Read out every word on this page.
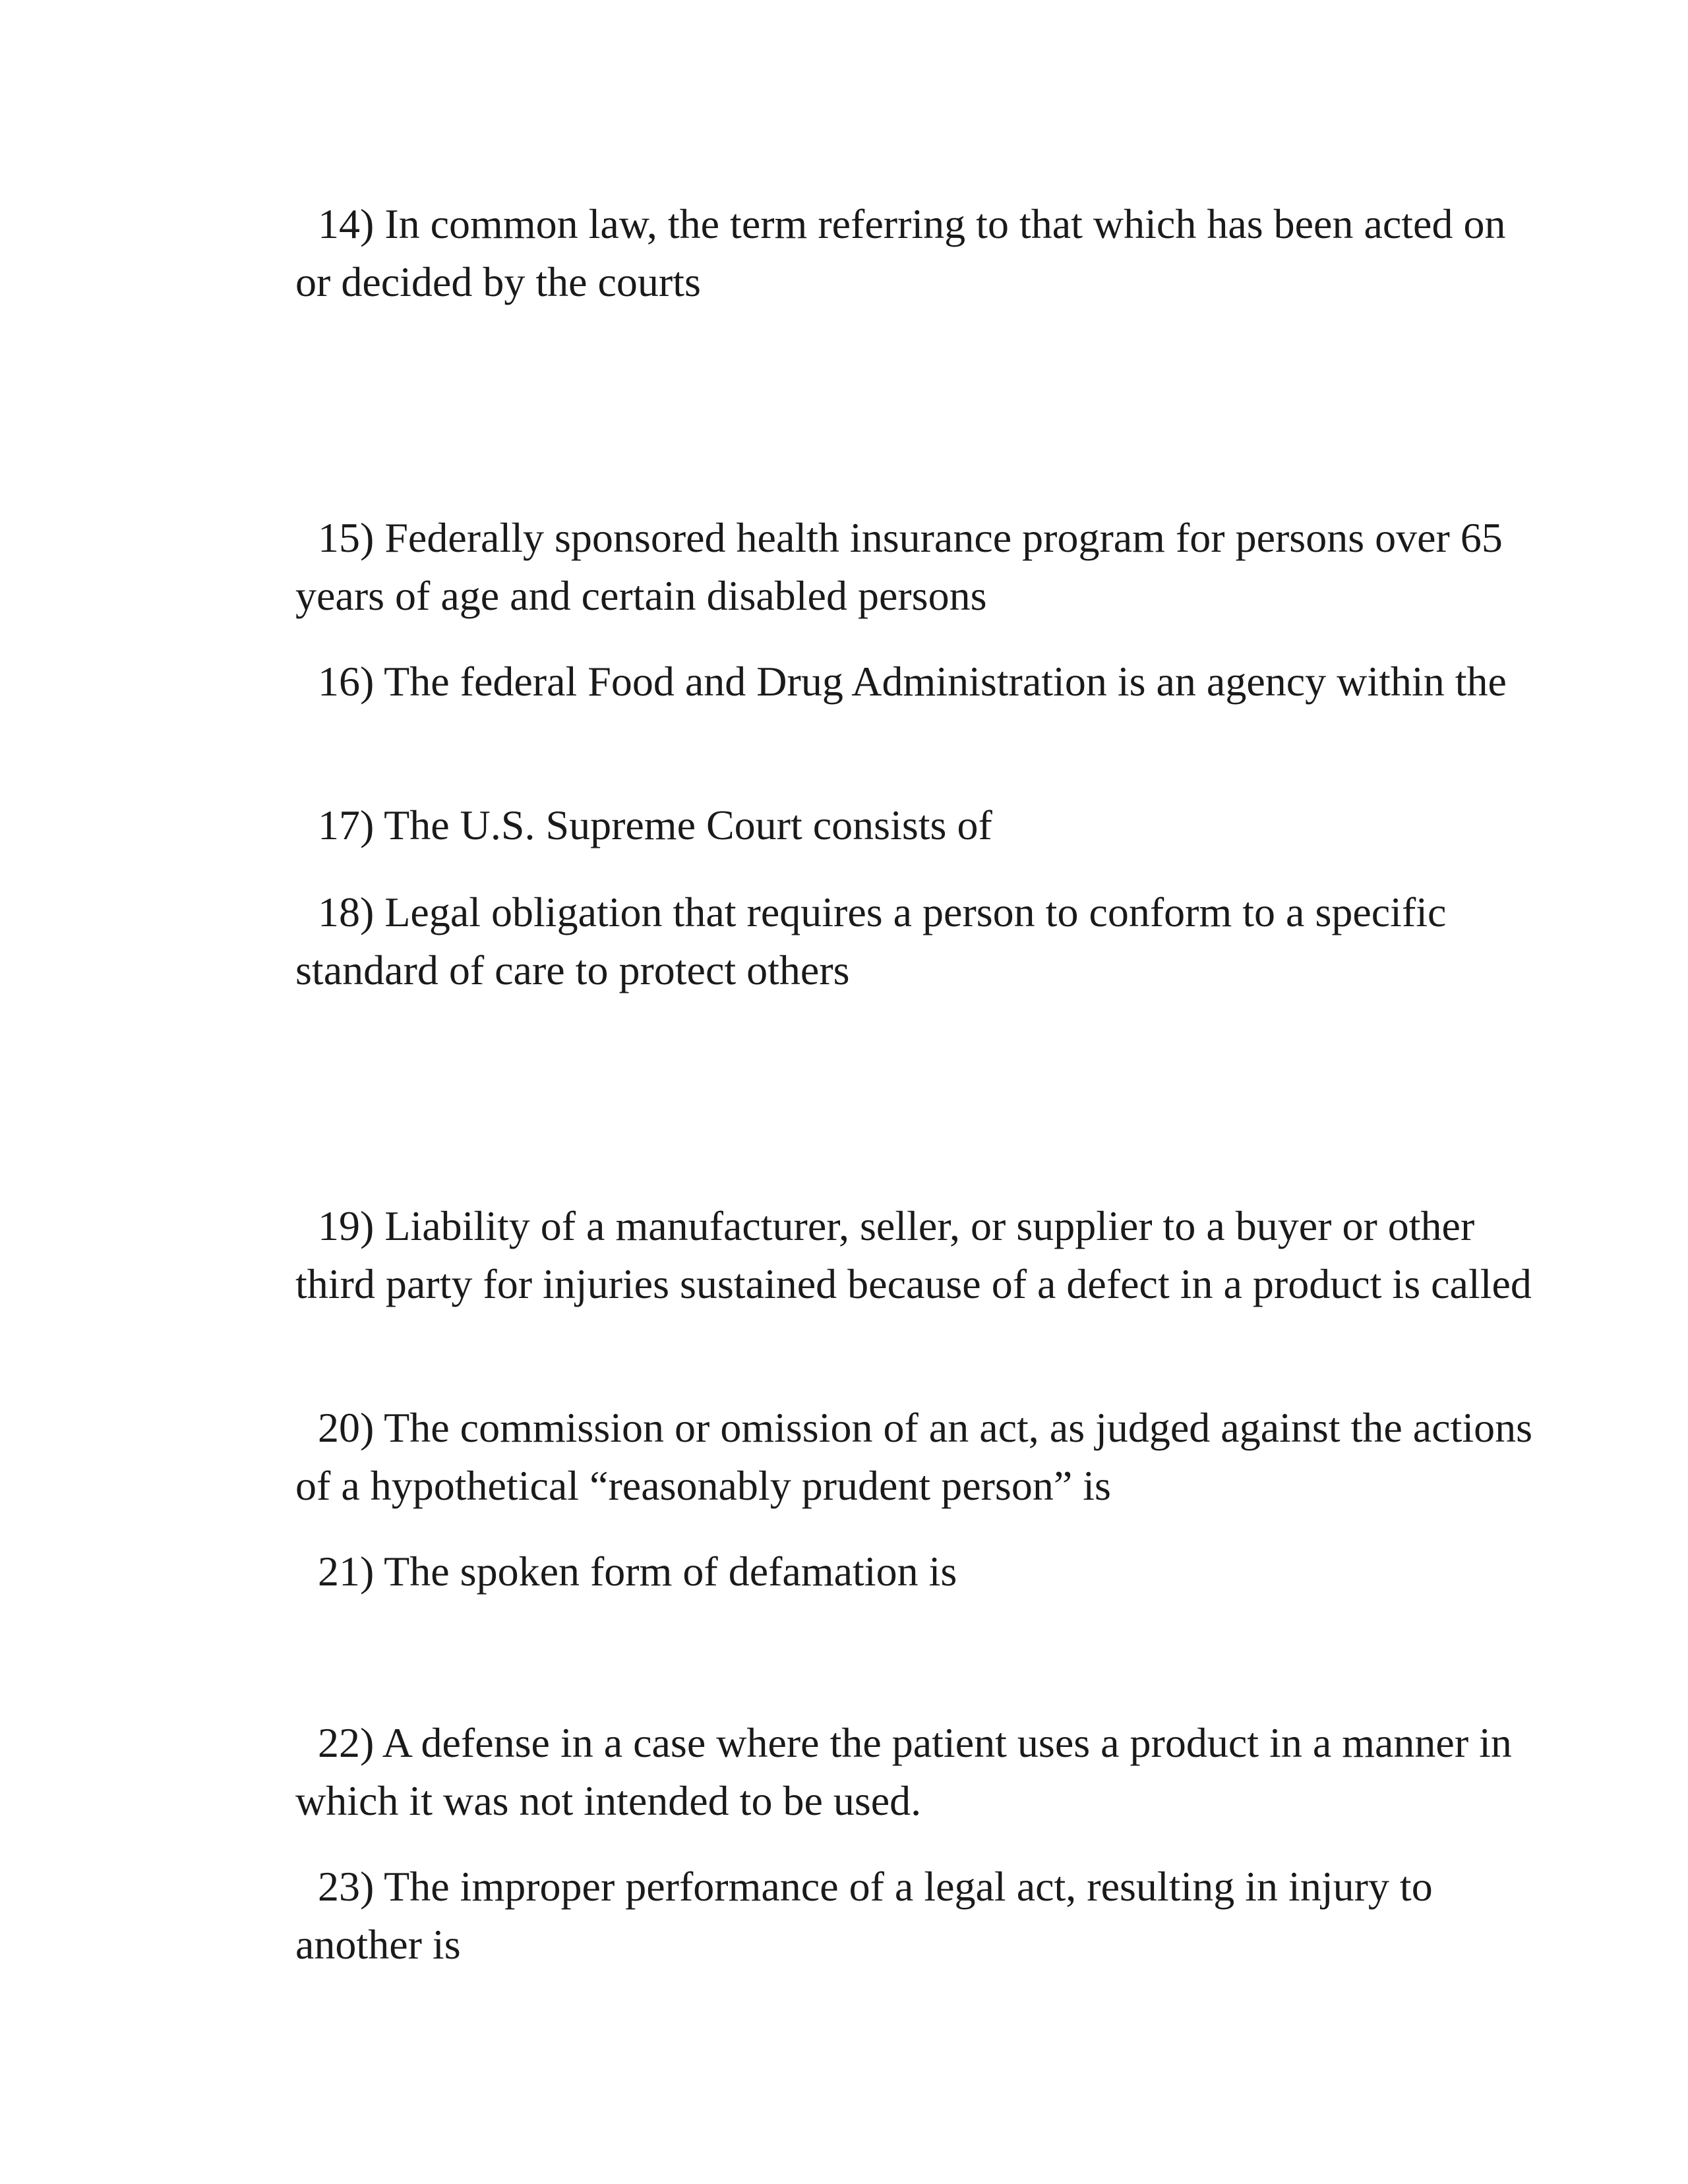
14) In common law, the term referring to that which has been acted on or decided by the courts

15) Federally sponsored health insurance program for persons over 65 years of age and certain disabled persons

16) The federal Food and Drug Administration is an agency within the

17) The U.S. Supreme Court consists of

18) Legal obligation that requires a person to conform to a specific standard of care to protect others

19) Liability of a manufacturer, seller, or supplier to a buyer or other third party for injuries sustained because of a defect in a product is called

20) The commission or omission of an act, as judged against the actions of a hypothetical “reasonably prudent person” is

21) The spoken form of defamation is

22) A defense in a case where the patient uses a product in a manner in which it was not intended to be used.

23) The improper performance of a legal act, resulting in injury to another is
